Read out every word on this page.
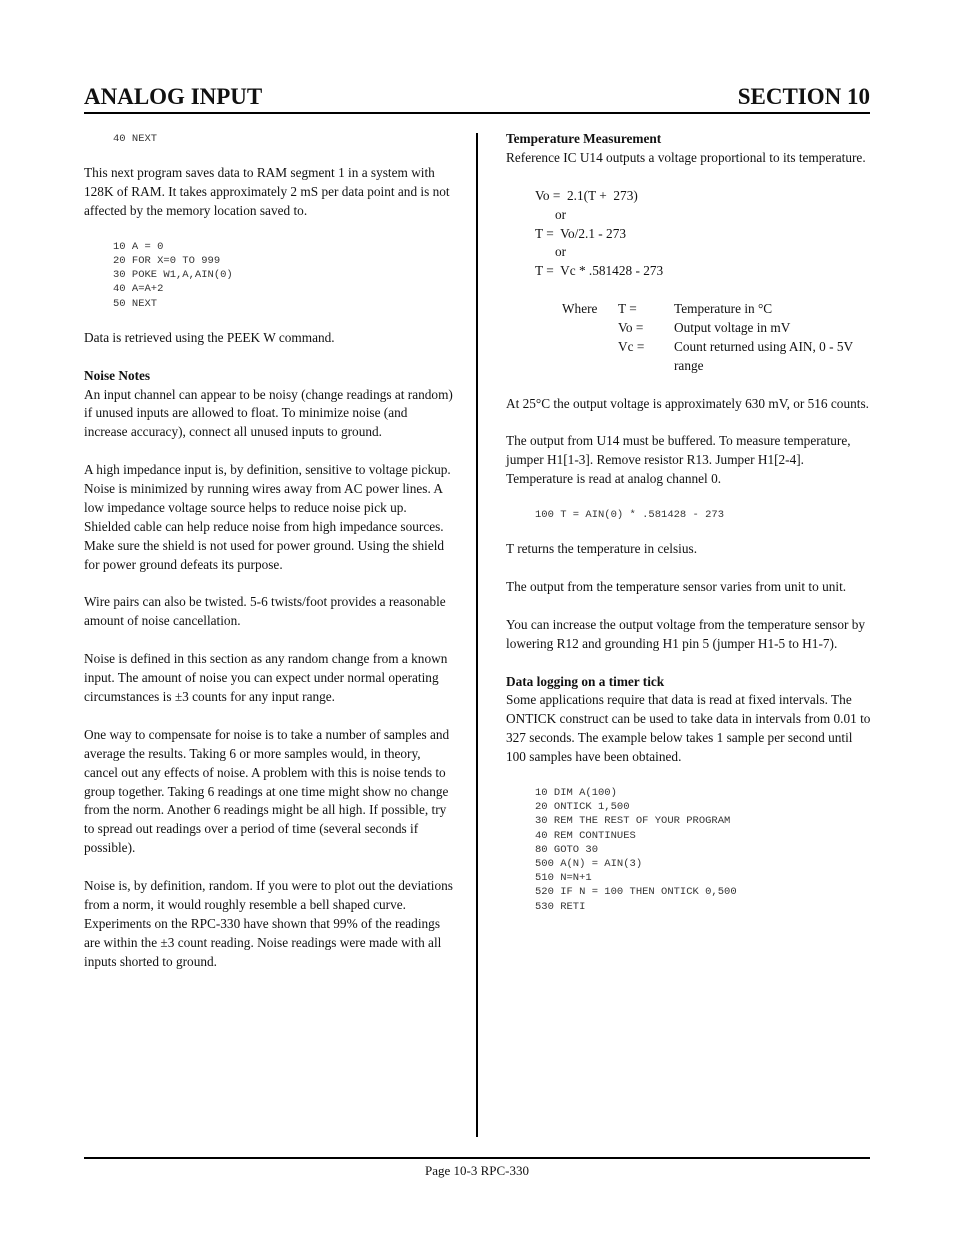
ANALOG INPUT	SECTION 10
40 NEXT

This next program saves data to RAM segment 1 in a system with 128K of RAM. It takes approximately 2 mS per data point and is not affected by the memory location saved to.

10 A = 0
20 FOR X=0 TO 999
30 POKE W1,A,AIN(0)
40 A=A+2
50 NEXT

Data is retrieved using the PEEK W command.

Noise Notes

An input channel can appear to be noisy (change readings at random) if unused inputs are allowed to float. To minimize noise (and increase accuracy), connect all unused inputs to ground.

A high impedance input is, by definition, sensitive to voltage pickup. Noise is minimized by running wires away from AC power lines. A low impedance voltage source helps to reduce noise pick up. Shielded cable can help reduce noise from high impedance sources. Make sure the shield is not used for power ground. Using the shield for power ground defeats its purpose.

Wire pairs can also be twisted. 5-6 twists/foot provides a reasonable amount of noise cancellation.

Noise is defined in this section as any random change from a known input. The amount of noise you can expect under normal operating circumstances is ±3 counts for any input range.

One way to compensate for noise is to take a number of samples and average the results. Taking 6 or more samples would, in theory, cancel out any effects of noise. A problem with this is noise tends to group together. Taking 6 readings at one time might show no change from the norm. Another 6 readings might be all high. If possible, try to spread out readings over a period of time (several seconds if possible).

Noise is, by definition, random. If you were to plot out the deviations from a norm, it would roughly resemble a bell shaped curve. Experiments on the RPC-330 have shown that 99% of the readings are within the ±3 count reading. Noise readings were made with all inputs shorted to ground.

Temperature Measurement

Reference IC U14 outputs a voltage proportional to its temperature.

Vo =  2.1(T +  273)
or
T =  Vo/2.1 - 273
or
T =  Vc * .581428 - 273
Where	T =	Temperature in °C
Vo =	Output voltage in mV
Vc =	Count returned using AIN, 0 - 5V range

At 25°C the output voltage is approximately 630 mV, or 516 counts.

The output from U14 must be buffered. To measure temperature, jumper H1[1-3]. Remove resistor R13. Jumper H1[2-4]. Temperature is read at analog channel 0.

100 T = AIN(0) * .581428 - 273

T returns the temperature in celsius.

The output from the temperature sensor varies from unit to unit.

You can increase the output voltage from the temperature sensor by lowering R12 and grounding H1 pin 5 (jumper H1-5 to H1-7).

Data logging on a timer tick

Some applications require that data is read at fixed intervals. The ONTICK construct can be used to take data in intervals from 0.01 to 327 seconds. The example below takes 1 sample per second until 100 samples have been obtained.

10 DIM A(100)
20 ONTICK 1,500
30 REM THE REST OF YOUR PROGRAM
40 REM CONTINUES
80 GOTO 30
500 A(N) = AIN(3)
510 N=N+1
520 IF N = 100 THEN ONTICK 0,500
530 RETI
Page 10-3 RPC-330
